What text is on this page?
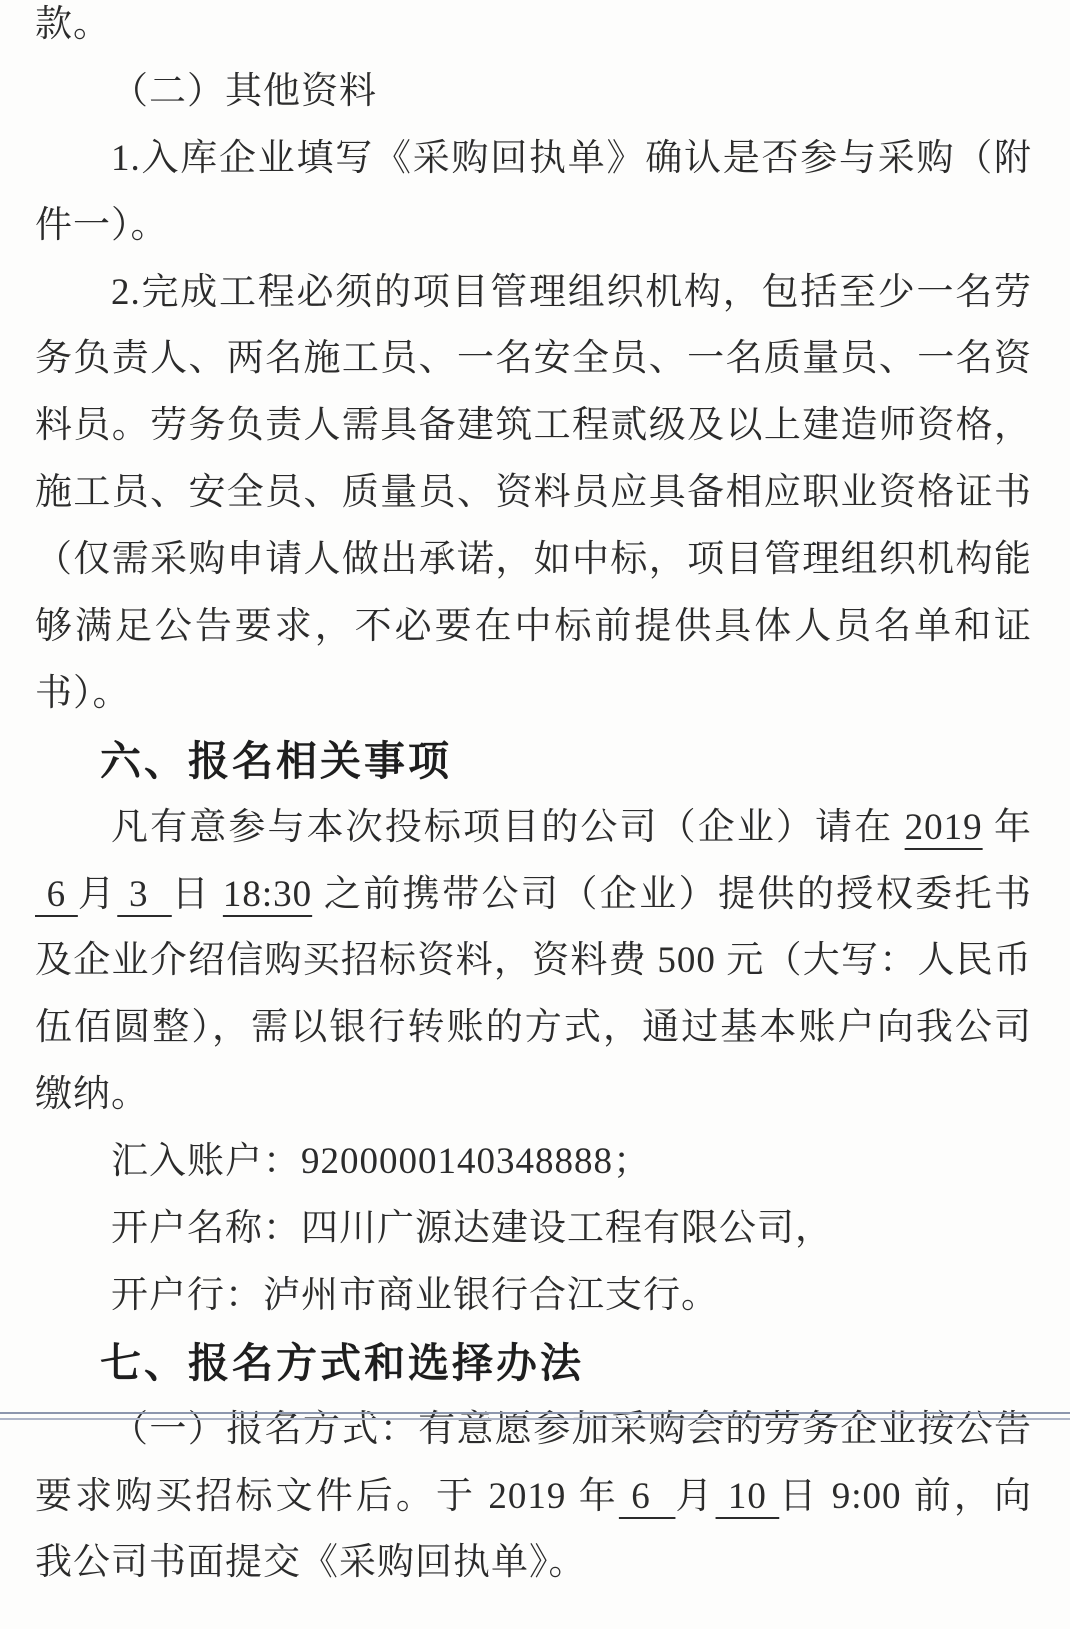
款。
（二）其他资料
1.入库企业填写《采购回执单》确认是否参与采购（附
件一）。
2.完成工程必须的项目管理组织机构，包括至少一名劳
务负责人、两名施工员、一名安全员、一名质量员、一名资
料员。劳务负责人需具备建筑工程贰级及以上建造师资格，
施工员、安全员、质量员、资料员应具备相应职业资格证书
（仅需采购申请人做出承诺，如中标，项目管理组织机构能
够满足公告要求，不必要在中标前提供具体人员名单和证
书）。
六、报名相关事项
凡有意参与本次投标项目的公司（企业）请在 2019 年
6 月 3  日 18:30 之前携带公司（企业）提供的授权委托书
及企业介绍信购买招标资料，资料费 500 元（大写：人民币
伍佰圆整），需以银行转账的方式，通过基本账户向我公司
缴纳。
汇入账户：9200000140348888；
开户名称：四川广源达建设工程有限公司，
开户行：泸州市商业银行合江支行。
七、报名方式和选择办法
（一）报名方式：有意愿参加采购会的劳务企业按公告
要求购买招标文件后。于 2019 年 6  月 10 日 9:00 前，向
我公司书面提交《采购回执单》。
